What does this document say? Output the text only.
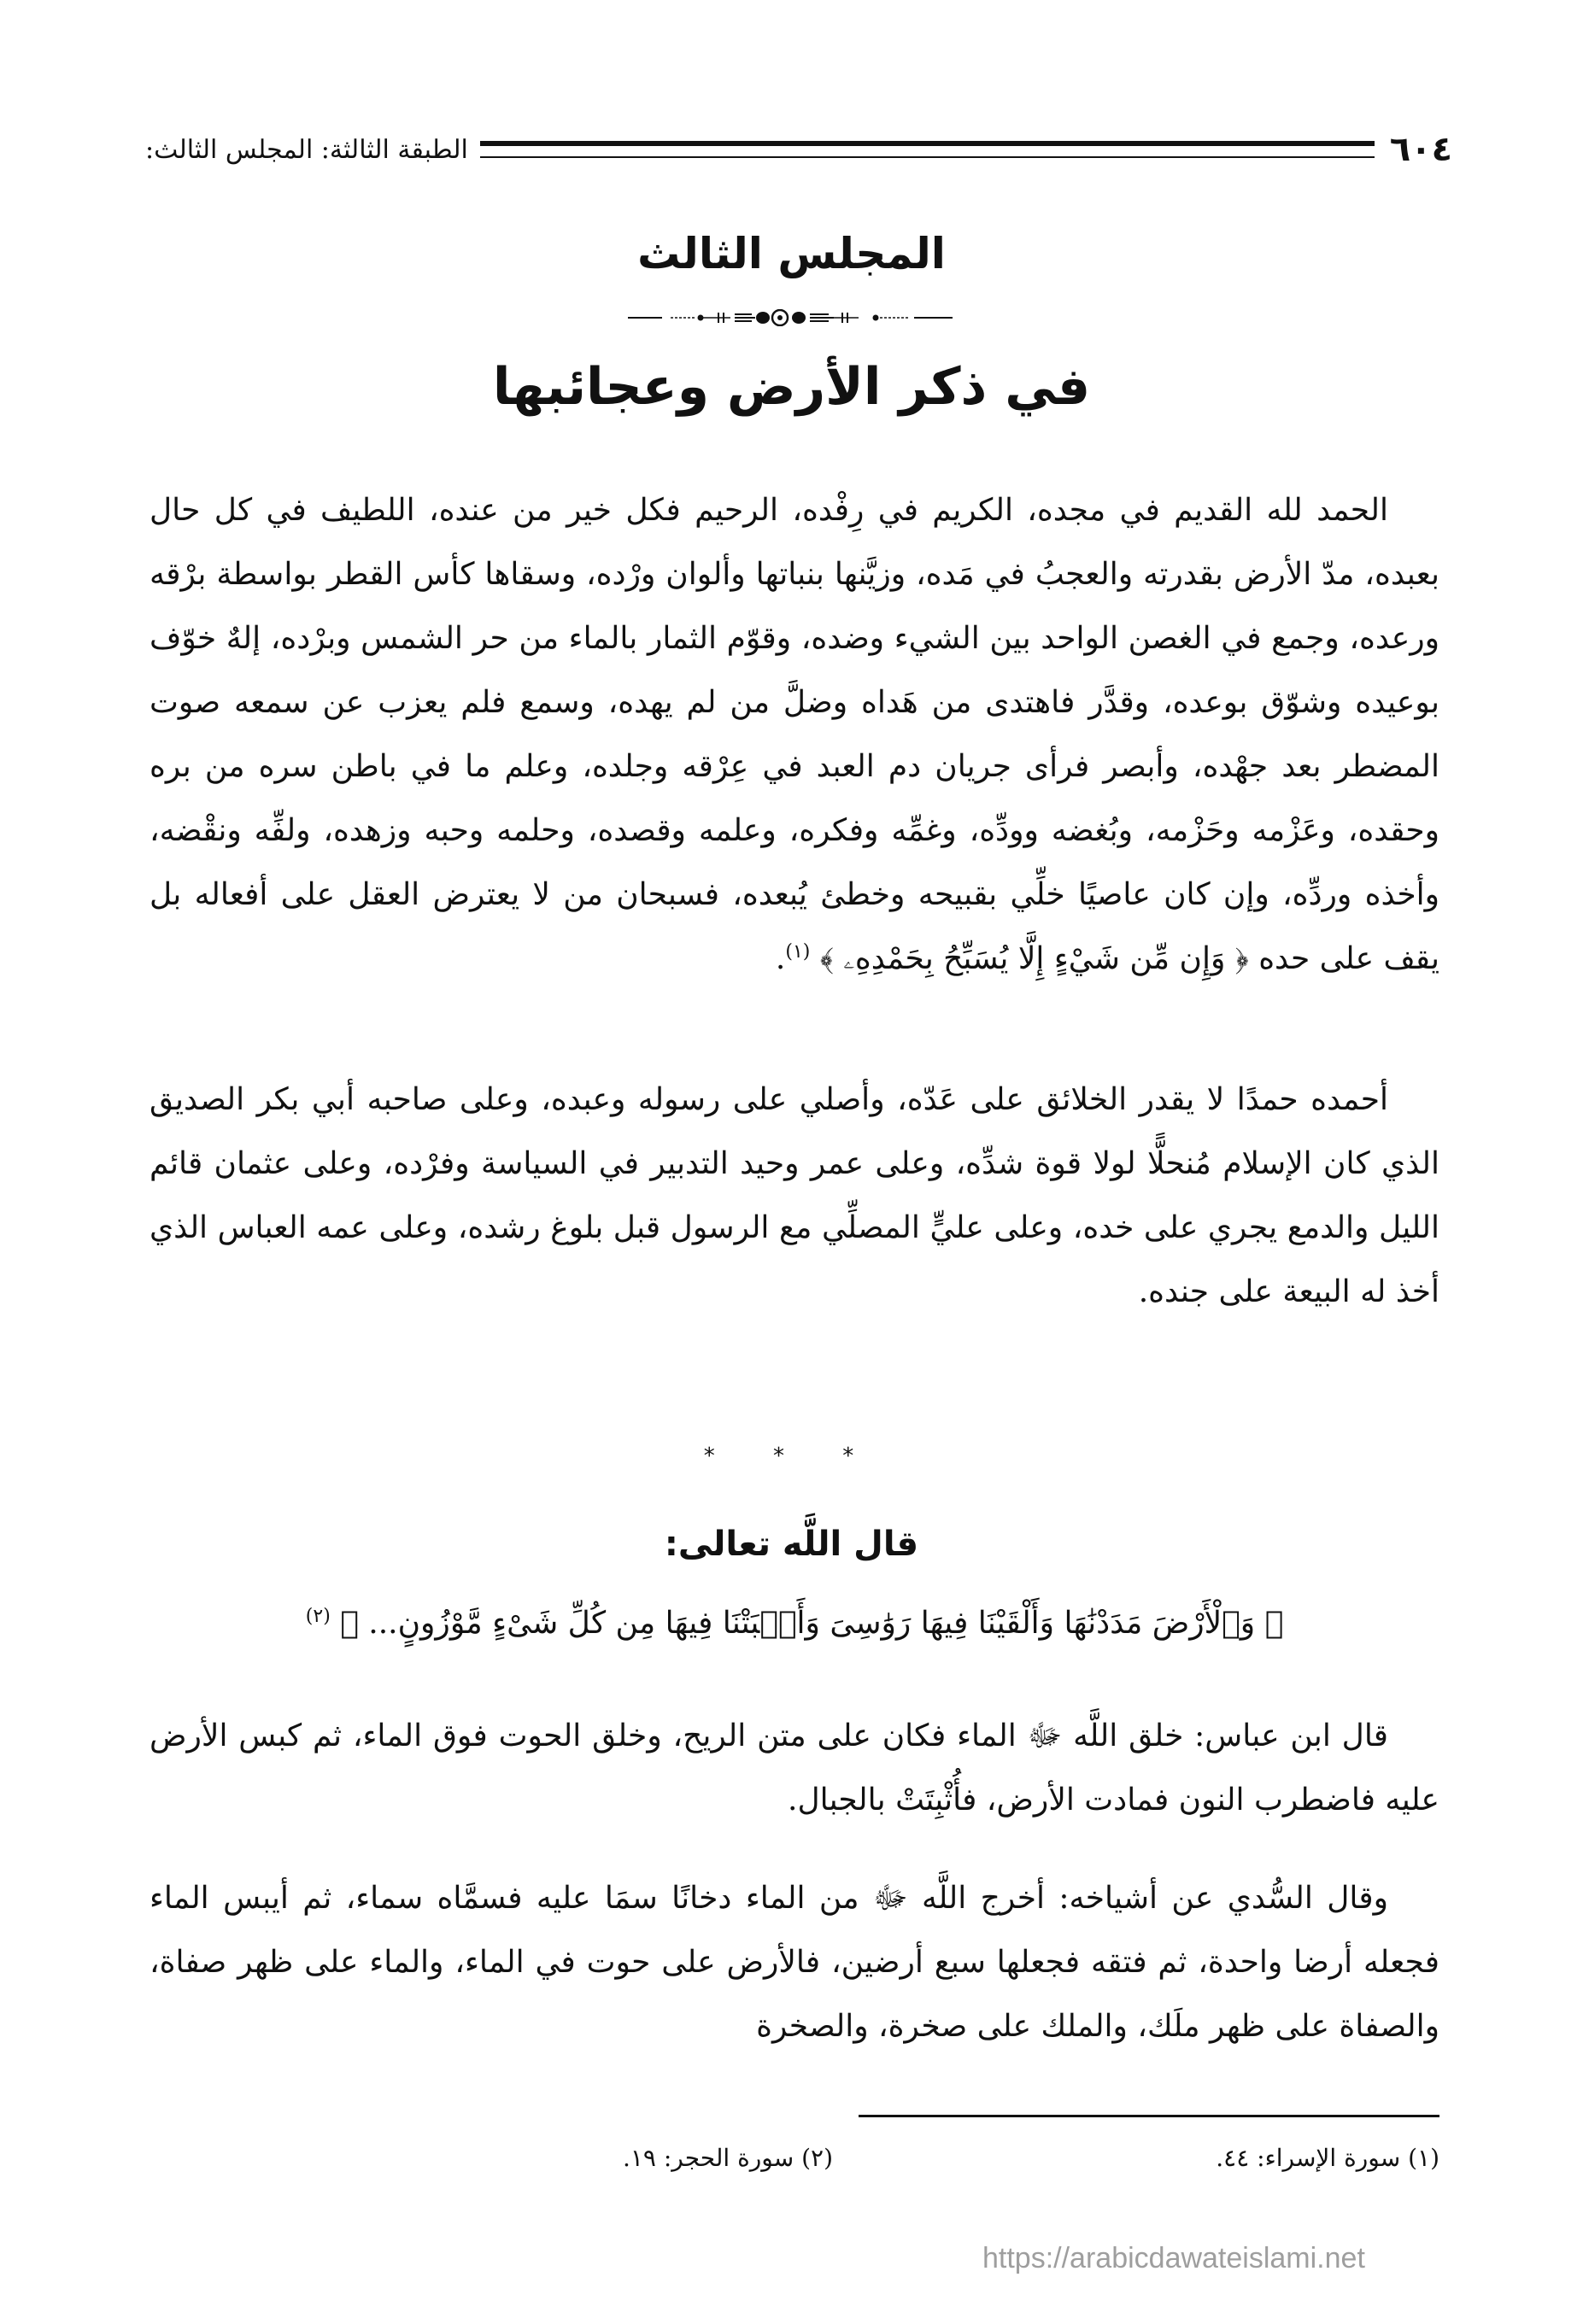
٦٠٤
الطبقة الثالثة: المجلس الثالث:
المجلس الثالث
في ذكر الأرض وعجائبها

الحمد لله القديم في مجده، الكريم في رِفْده، الرحيم فكل خير من عنده، اللطيف في كل حال بعبده، مدّ الأرض بقدرته والعجبُ في مَده، وزيَّنها بنباتها وألوان ورْده، وسقاها كأس القطر بواسطة برْقه ورعده، وجمع في الغصن الواحد بين الشيء وضده، وقوّم الثمار بالماء من حر الشمس وبرْده، إلهٌ خوّف بوعيده وشوّق بوعده، وقدَّر فاهتدى من هَداه وضلَّ من لم يهده، وسمع فلم يعزب عن سمعه صوت المضطر بعد جهْده، وأبصر فرأى جريان دم العبد في عِرْقه وجلده، وعلم ما في باطن سره من بره وحقده، وعَزْمه وحَزْمه، وبُغضه وودِّه، وغمِّه وفكره، وعلمه وقصده، وحلمه وحبه وزهده، ولفِّه ونقْضه، وأخذه وردِّه، وإن كان عاصيًا خلِّي بقبيحه وخطئ يُبعده، فسبحان من لا يعترض العقل على أفعاله بل يقف على حده ﴿ وَإِن مِّن شَيْءٍ إِلَّا يُسَبِّحُ بِحَمْدِهِۦ ﴾ $^{(١)}$.

أحمده حمدًا لا يقدر الخلائق على عَدّه، وأصلي على رسوله وعبده، وعلى صاحبه أبي بكر الصديق الذي كان الإسلام مُنحلًّا لولا قوة شدِّه، وعلى عمر وحيد التدبير في السياسة وفرْده، وعلى عثمان قائم الليل والدمع يجري على خده، وعلى عليٍّ المصلِّي مع الرسول قبل بلوغ رشده، وعلى عمه العباس الذي أخذ له البيعة على جنده.

* * *
قال اللَّه تعالى:
﴿ وَٱلْأَرْضَ مَدَدْنَٰهَا وَأَلْقَيْنَا فِيهَا رَوَٰسِىَ وَأَنۢبَتْنَا فِيهَا مِن كُلِّ شَىْءٍ مَّوْزُونٍ... ﴾ $^{(٢)}$

قال ابن عباس: خلق اللَّه ﷻ الماء فكان على متن الريح، وخلق الحوت فوق الماء، ثم كبس الأرض عليه فاضطرب النون فمادت الأرض، فأُثْبِتَتْ بالجبال.

وقال السُّدي عن أشياخه: أخرج اللَّه ﷻ من الماء دخانًا سمَا عليه فسمَّاه سماء، ثم أيبس الماء فجعله أرضا واحدة، ثم فتقه فجعلها سبع أرضين، فالأرض على حوت في الماء، والماء على ظهر صفاة، والصفاة على ظهر ملَك، والملك على صخرة، والصخرة

(١) سورة الإسراء: ٤٤.
(٢) سورة الحجر: ١٩.
https://arabicdawateislami.net
